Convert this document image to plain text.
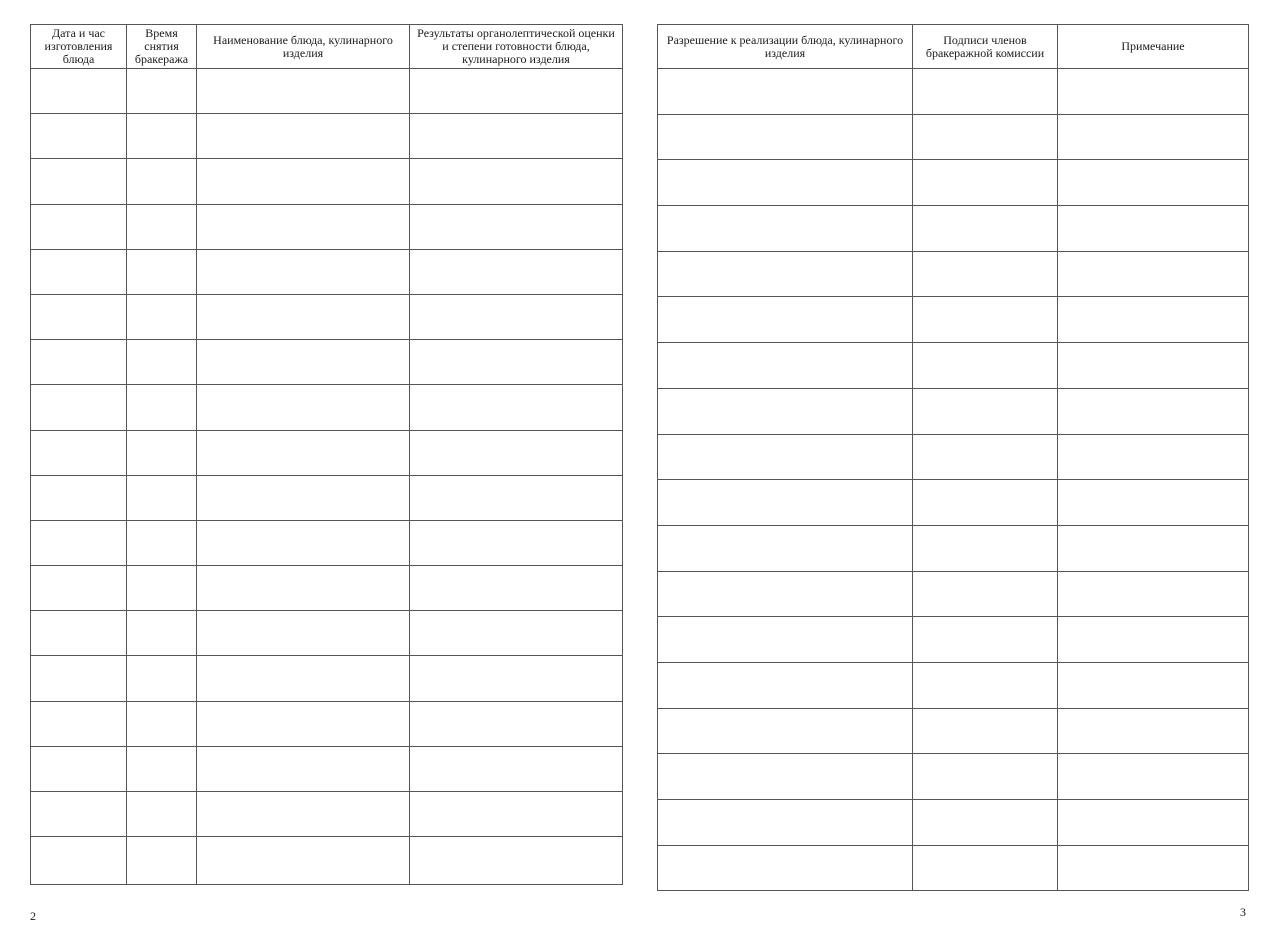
Дата и час изготовления блюда	Время снятия бракеража	Наименование блюда, кулинарного изделия	Результаты органолептической оценки и степени готовности блюда, кулинарного изделия

Разрешение к реализации блюда, кулинарного изделия	Подписи членов бракеражной комиссии	Примечание

2	3
